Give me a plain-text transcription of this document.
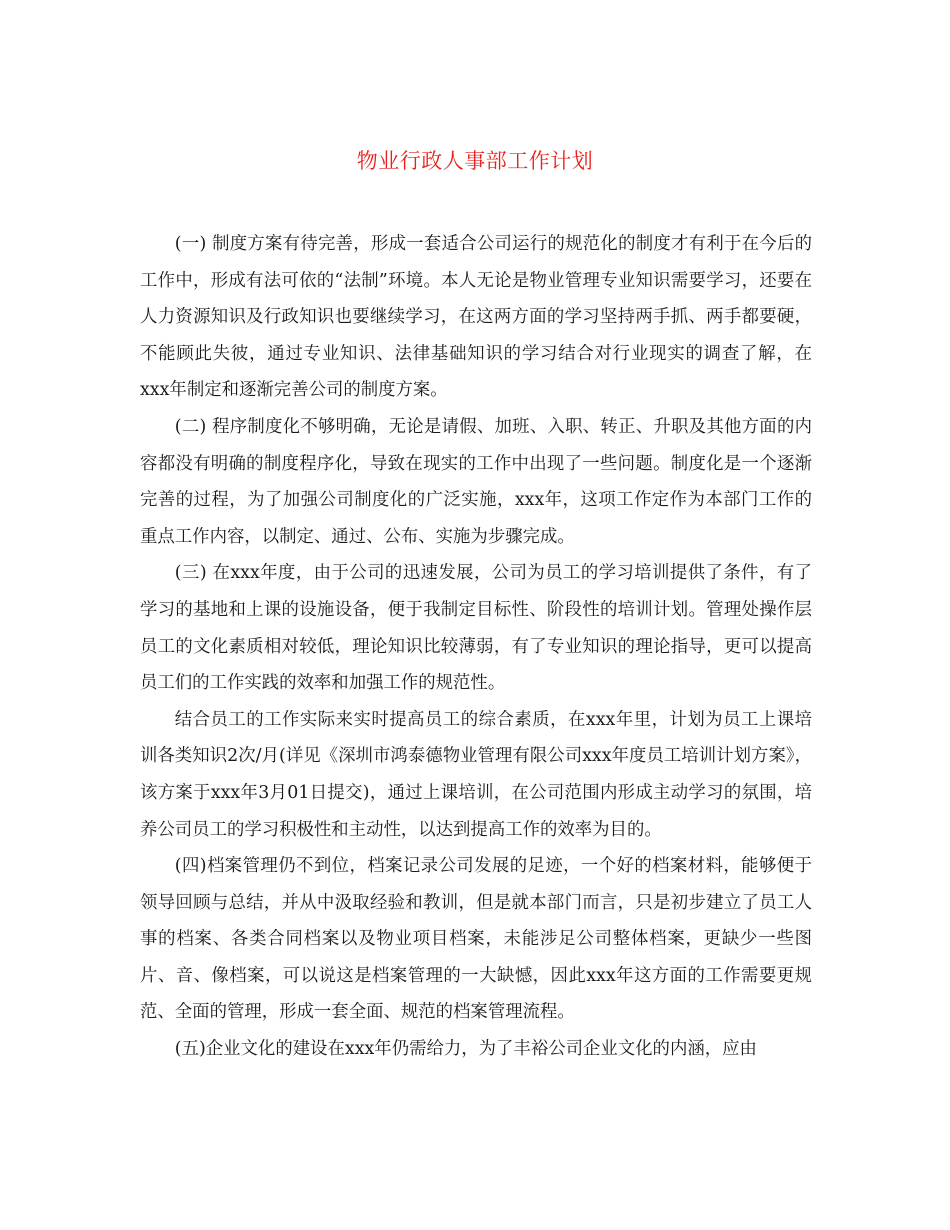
物业行政人事部工作计划

(一) 制度方案有待完善，形成一套适合公司运行的规范化的制度才有利于在今后的工作中，形成有法可依的“法制”环境。本人无论是物业管理专业知识需要学习，还要在人力资源知识及行政知识也要继续学习，在这两方面的学习坚持两手抓、两手都要硬，不能顾此失彼，通过专业知识、法律基础知识的学习结合对行业现实的调查了解，在xxx年制定和逐渐完善公司的制度方案。

(二) 程序制度化不够明确，无论是请假、加班、入职、转正、升职及其他方面的内容都没有明确的制度程序化，导致在现实的工作中出现了一些问题。制度化是一个逐渐完善的过程，为了加强公司制度化的广泛实施，xxx年，这项工作定作为本部门工作的重点工作内容，以制定、通过、公布、实施为步骤完成。

(三) 在xxx年度，由于公司的迅速发展，公司为员工的学习培训提供了条件，有了学习的基地和上课的设施设备，便于我制定目标性、阶段性的培训计划。管理处操作层员工的文化素质相对较低，理论知识比较薄弱，有了专业知识的理论指导，更可以提高员工们的工作实践的效率和加强工作的规范性。

结合员工的工作实际来实时提高员工的综合素质，在xxx年里，计划为员工上课培训各类知识2次/月(详见《深圳市鸿泰德物业管理有限公司xxx年度员工培训计划方案》，该方案于xxx年3月01日提交)，通过上课培训，在公司范围内形成主动学习的氛围，培养公司员工的学习积极性和主动性，以达到提高工作的效率为目的。

(四)档案管理仍不到位，档案记录公司发展的足迹，一个好的档案材料，能够便于领导回顾与总结，并从中汲取经验和教训，但是就本部门而言，只是初步建立了员工人事的档案、各类合同档案以及物业项目档案，未能涉足公司整体档案，更缺少一些图片、音、像档案，可以说这是档案管理的一大缺憾，因此xxx年这方面的工作需要更规范、全面的管理，形成一套全面、规范的档案管理流程。

(五)企业文化的建设在xxx年仍需给力，为了丰裕公司企业文化的内涵，应由
